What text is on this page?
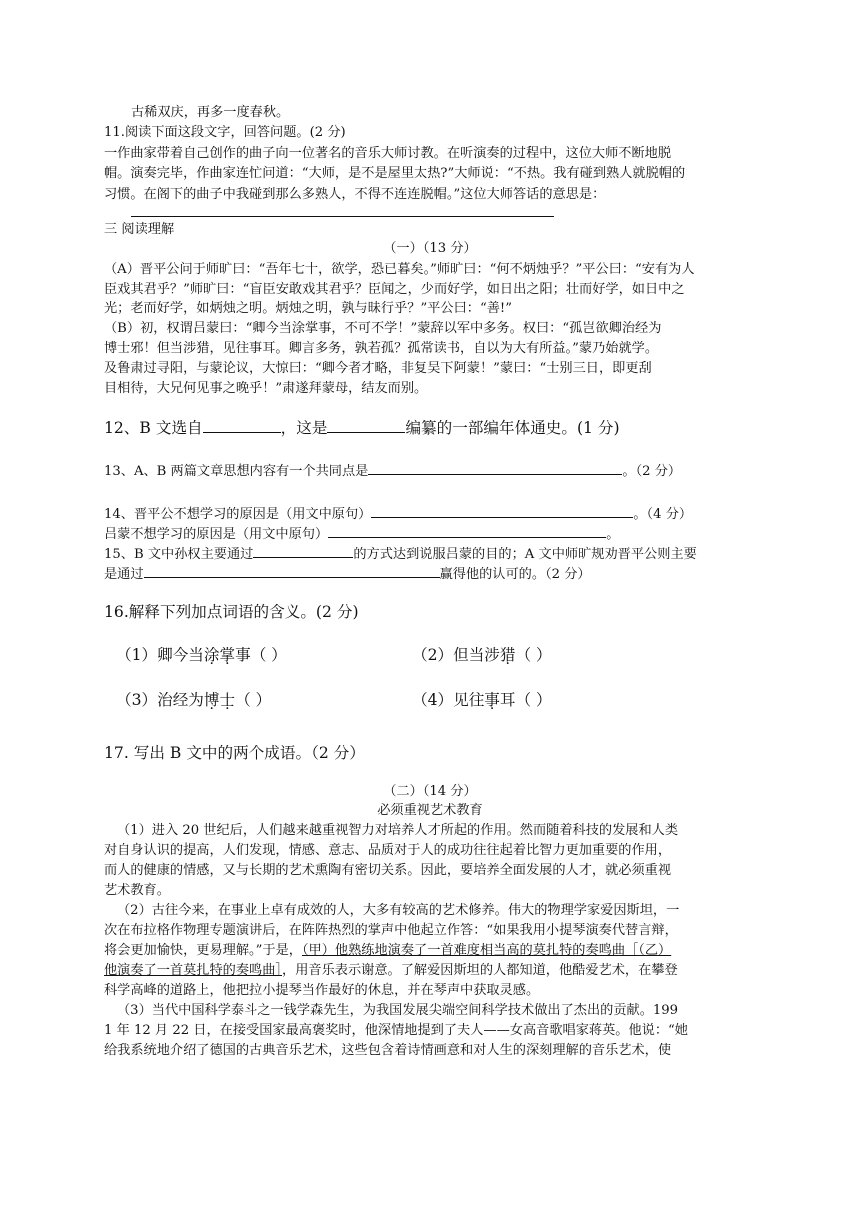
古稀双庆，再多一度春秋。
11.阅读下面这段文字，回答问题。(2 分)
一作曲家带着自己创作的曲子向一位著名的音乐大师讨教。在听演奏的过程中，这位大师不断地脱
帽。演奏完毕，作曲家连忙问道：“大师，是不是屋里太热?”大师说：“不热。我有碰到熟人就脱帽的
习惯。在阁下的曲子中我碰到那么多熟人，不得不连连脱帽。”这位大师答话的意思是：
三 阅读理解
（一）（13 分）
（A）晋平公问于师旷曰：“吾年七十，欲学，恐已暮矣。”师旷曰：“何不炳烛乎？”平公曰：“安有为人
臣戏其君乎？”师旷曰：“盲臣安敢戏其君乎？臣闻之，少而好学，如日出之阳；壮而好学，如日中之
光；老而好学，如炳烛之明。炳烛之明，孰与昧行乎？”平公曰：“善!”
（B）初，权谓吕蒙曰：“卿今当涂掌事，不可不学！”蒙辞以军中多务。权曰：“孤岂欲卿治经为
博士邪！但当涉猎，见往事耳。卿言多务，孰若孤？孤常读书，自以为大有所益。”蒙乃始就学。
及鲁肃过寻阳，与蒙论议，大惊曰：“卿今者才略，非复吴下阿蒙！”蒙曰：“士别三日，即更刮
目相待，大兄何见事之晚乎！”肃遂拜蒙母，结友而别。
12、B 文选自	，这是	编纂的一部编年体通史。(1 分)
13、A、B 两篇文章思想内容有一个共同点是	。（2 分）
14、晋平公不想学习的原因是（用文中原句）	。（4 分）
吕蒙不想学习的原因是（用文中原句）	。
15、B 文中孙权主要通过	的方式达到说服吕蒙的目的；A 文中师旷规劝晋平公则主要
是通过	赢得他的认可的。（2 分）
16.解释下列加点词语的含义。(2 分)
（1）卿今当涂掌事（ ）	（2）但当涉猎（ ）
（3）治经为博士（ ）	（4）见往事耳（ ）
17. 写出 B 文中的两个成语。（2 分）
（二）（14 分）
必须重视艺术教育
（1）进入 20 世纪后，人们越来越重视智力对培养人才所起的作用。然而随着科技的发展和人类
对自身认识的提高，人们发现，情感、意志、品质对于人的成功往往起着比智力更加重要的作用，
而人的健康的情感，又与长期的艺术熏陶有密切关系。因此，要培养全面发展的人才，就必须重视
艺术教育。
（2）古往今来，在事业上卓有成效的人，大多有较高的艺术修养。伟大的物理学家爱因斯坦，一
次在布拉格作物理专题演讲后，在阵阵热烈的掌声中他起立作答：“如果我用小提琴演奏代替言辩，
将会更加愉快，更易理解。”于是，（甲）他熟练地演奏了一首难度相当高的莫扎特的奏鸣曲［（乙）
他演奏了一首莫扎特的奏鸣曲］，用音乐表示谢意。了解爱因斯坦的人都知道，他酷爱艺术，在攀登
科学高峰的道路上，他把拉小提琴当作最好的休息，并在琴声中获取灵感。
（3）当代中国科学泰斗之一钱学森先生，为我国发展尖端空间科学技术做出了杰出的贡献。199
1 年 12 月 22 日，在接受国家最高褒奖时，他深情地提到了夫人——女高音歌唱家蒋英。他说：“她
给我系统地介绍了德国的古典音乐艺术，这些包含着诗情画意和对人生的深刻理解的音乐艺术，使
